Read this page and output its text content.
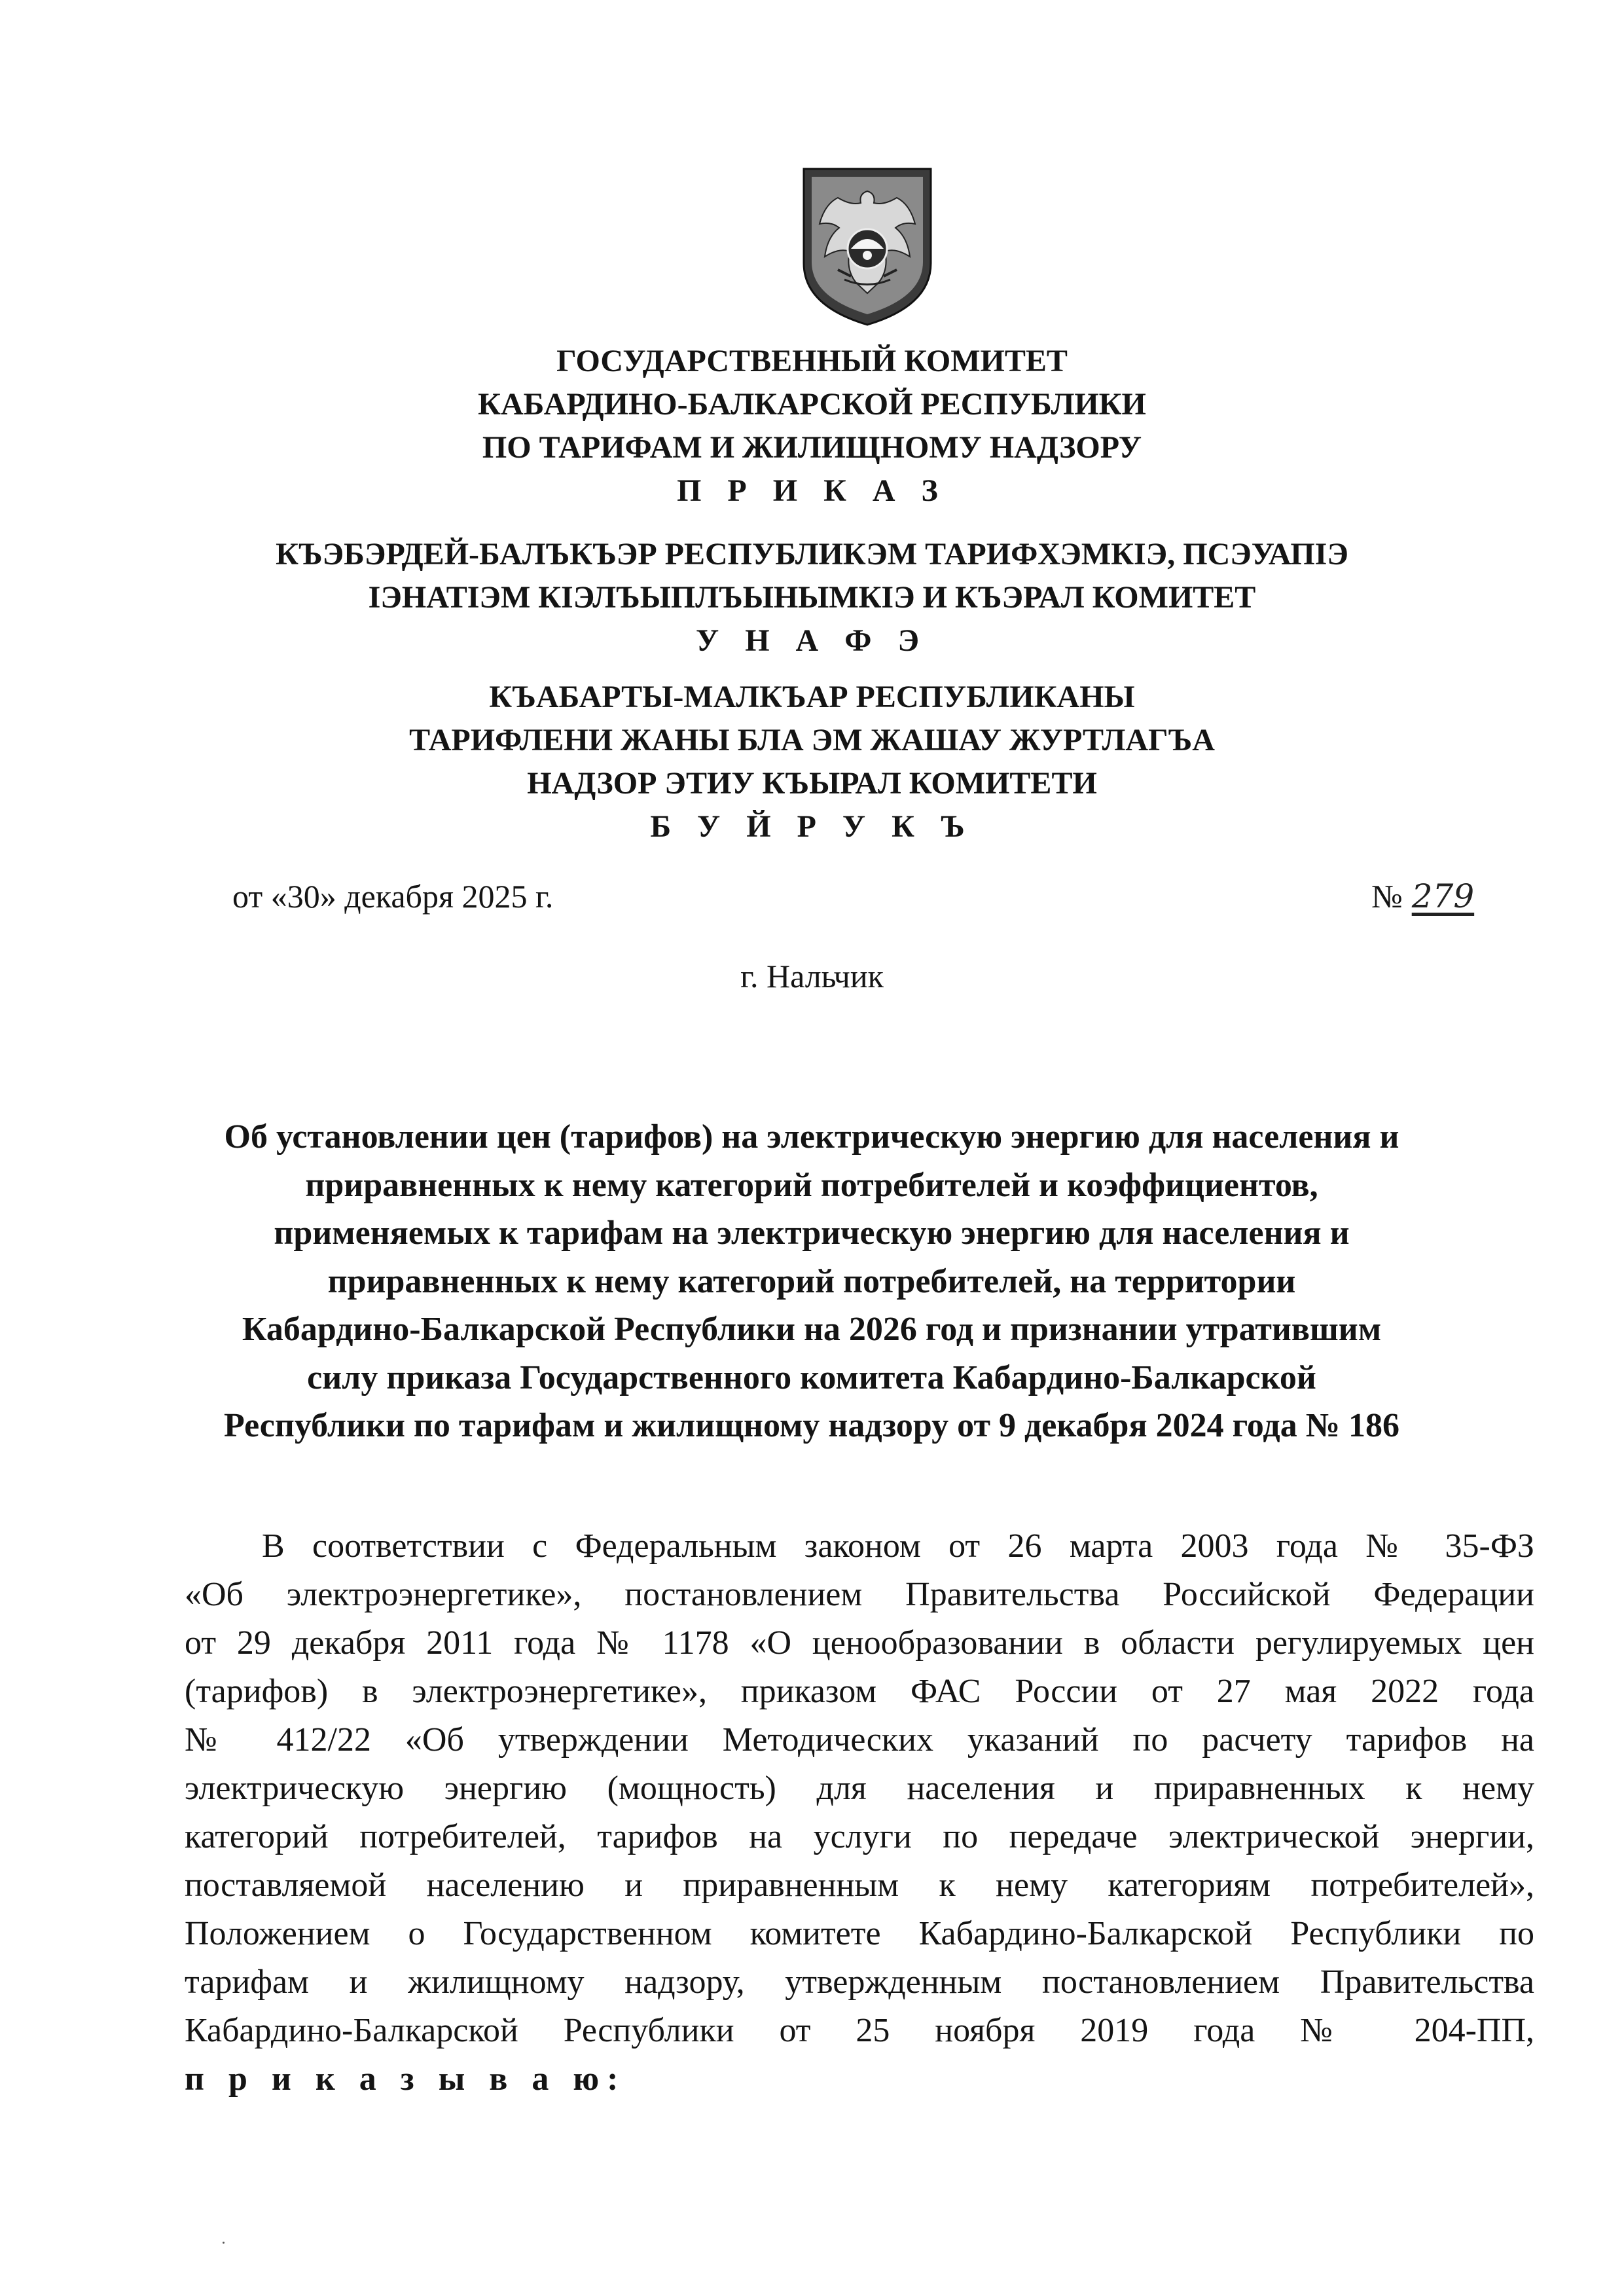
ГОСУДАРСТВЕННЫЙ КОМИТЕТ
КАБАРДИНО-БАЛКАРСКОЙ РЕСПУБЛИКИ
ПО ТАРИФАМ И ЖИЛИЩНОМУ НАДЗОРУ
П Р И К А З
КЪЭБЭРДЕЙ-БАЛЪКЪЭР РЕСПУБЛИКЭМ ТАРИФХЭМКIЭ, ПСЭУАПIЭ
IЭНАТIЭМ КIЭЛЪЫПЛЪЫНЫМКIЭ И КЪЭРАЛ КОМИТЕТ
У Н А Ф Э
КЪАБАРТЫ-МАЛКЪАР РЕСПУБЛИКАНЫ
ТАРИФЛЕНИ ЖАНЫ БЛА ЭМ ЖАШАУ ЖУРТЛАГЪА
НАДЗОР ЭТИУ КЪЫРАЛ КОМИТЕТИ
Б У Й Р У К Ъ
от «30» декабря 2025 г.	№ 279
г. Нальчик
Об установлении цен (тарифов) на электрическую энергию для населения и
приравненных к нему категорий потребителей и коэффициентов,
применяемых к тарифам на электрическую энергию для населения и
приравненных к нему категорий потребителей, на территории
Кабардино-Балкарской Республики на 2026 год и признании утратившим
силу приказа Государственного комитета Кабардино-Балкарской
Республики по тарифам и жилищному надзору от 9 декабря 2024 года № 186
В соответствии с Федеральным законом от 26 марта 2003 года № 35-ФЗ
«Об электроэнергетике», постановлением Правительства Российской Федерации
от 29 декабря 2011 года № 1178 «О ценообразовании в области регулируемых цен
(тарифов) в электроэнергетике», приказом ФАС России от 27 мая 2022 года
№ 412/22 «Об утверждении Методических указаний по расчету тарифов на
электрическую энергию (мощность) для населения и приравненных к нему
категорий потребителей, тарифов на услуги по передаче электрической энергии,
поставляемой населению и приравненным к нему категориям потребителей»,
Положением о Государственном комитете Кабардино-Балкарской Республики по
тарифам и жилищному надзору, утвержденным постановлением Правительства
Кабардино-Балкарской Республики от 25 ноября 2019 года № 204-ПП,
п р и к а з ы в а ю:
